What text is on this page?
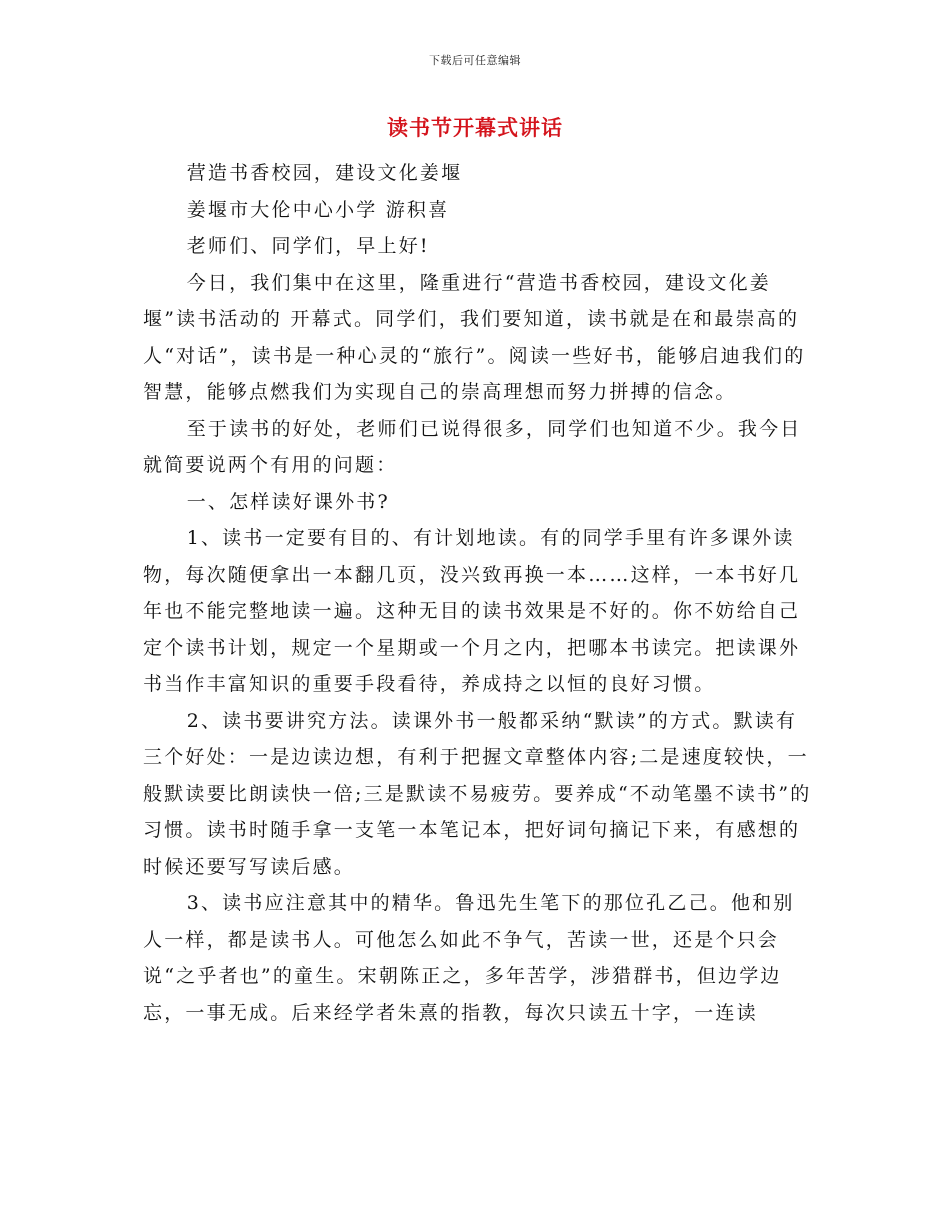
下载后可任意编辑
读书节开幕式讲话

营造书香校园，建设文化姜堰

姜堰市大伦中心小学 游积喜

老师们、同学们，早上好!

今日，我们集中在这里，隆重进行“营造书香校园，建设文化姜堰”读书活动的 开幕式。同学们，我们要知道，读书就是在和最崇高的人“对话”，读书是一种心灵的“旅行”。阅读一些好书，能够启迪我们的智慧，能够点燃我们为实现自己的崇高理想而努力拼搏的信念。

至于读书的好处，老师们已说得很多，同学们也知道不少。我今日就简要说两个有用的问题：

一、怎样读好课外书?

1、读书一定要有目的、有计划地读。有的同学手里有许多课外读物，每次随便拿出一本翻几页，没兴致再换一本……这样，一本书好几年也不能完整地读一遍。这种无目的读书效果是不好的。你不妨给自己定个读书计划，规定一个星期或一个月之内，把哪本书读完。把读课外书当作丰富知识的重要手段看待，养成持之以恒的良好习惯。

2、读书要讲究方法。读课外书一般都采纳“默读”的方式。默读有三个好处：一是边读边想，有利于把握文章整体内容;二是速度较快，一般默读要比朗读快一倍;三是默读不易疲劳。要养成“不动笔墨不读书”的习惯。读书时随手拿一支笔一本笔记本，把好词句摘记下来，有感想的时候还要写写读后感。

3、读书应注意其中的精华。鲁迅先生笔下的那位孔乙己。他和别人一样，都是读书人。可他怎么如此不争气，苦读一世，还是个只会说“之乎者也”的童生。宋朝陈正之，多年苦学，涉猎群书，但边学边忘，一事无成。后来经学者朱熹的指教，每次只读五十字，一连读
